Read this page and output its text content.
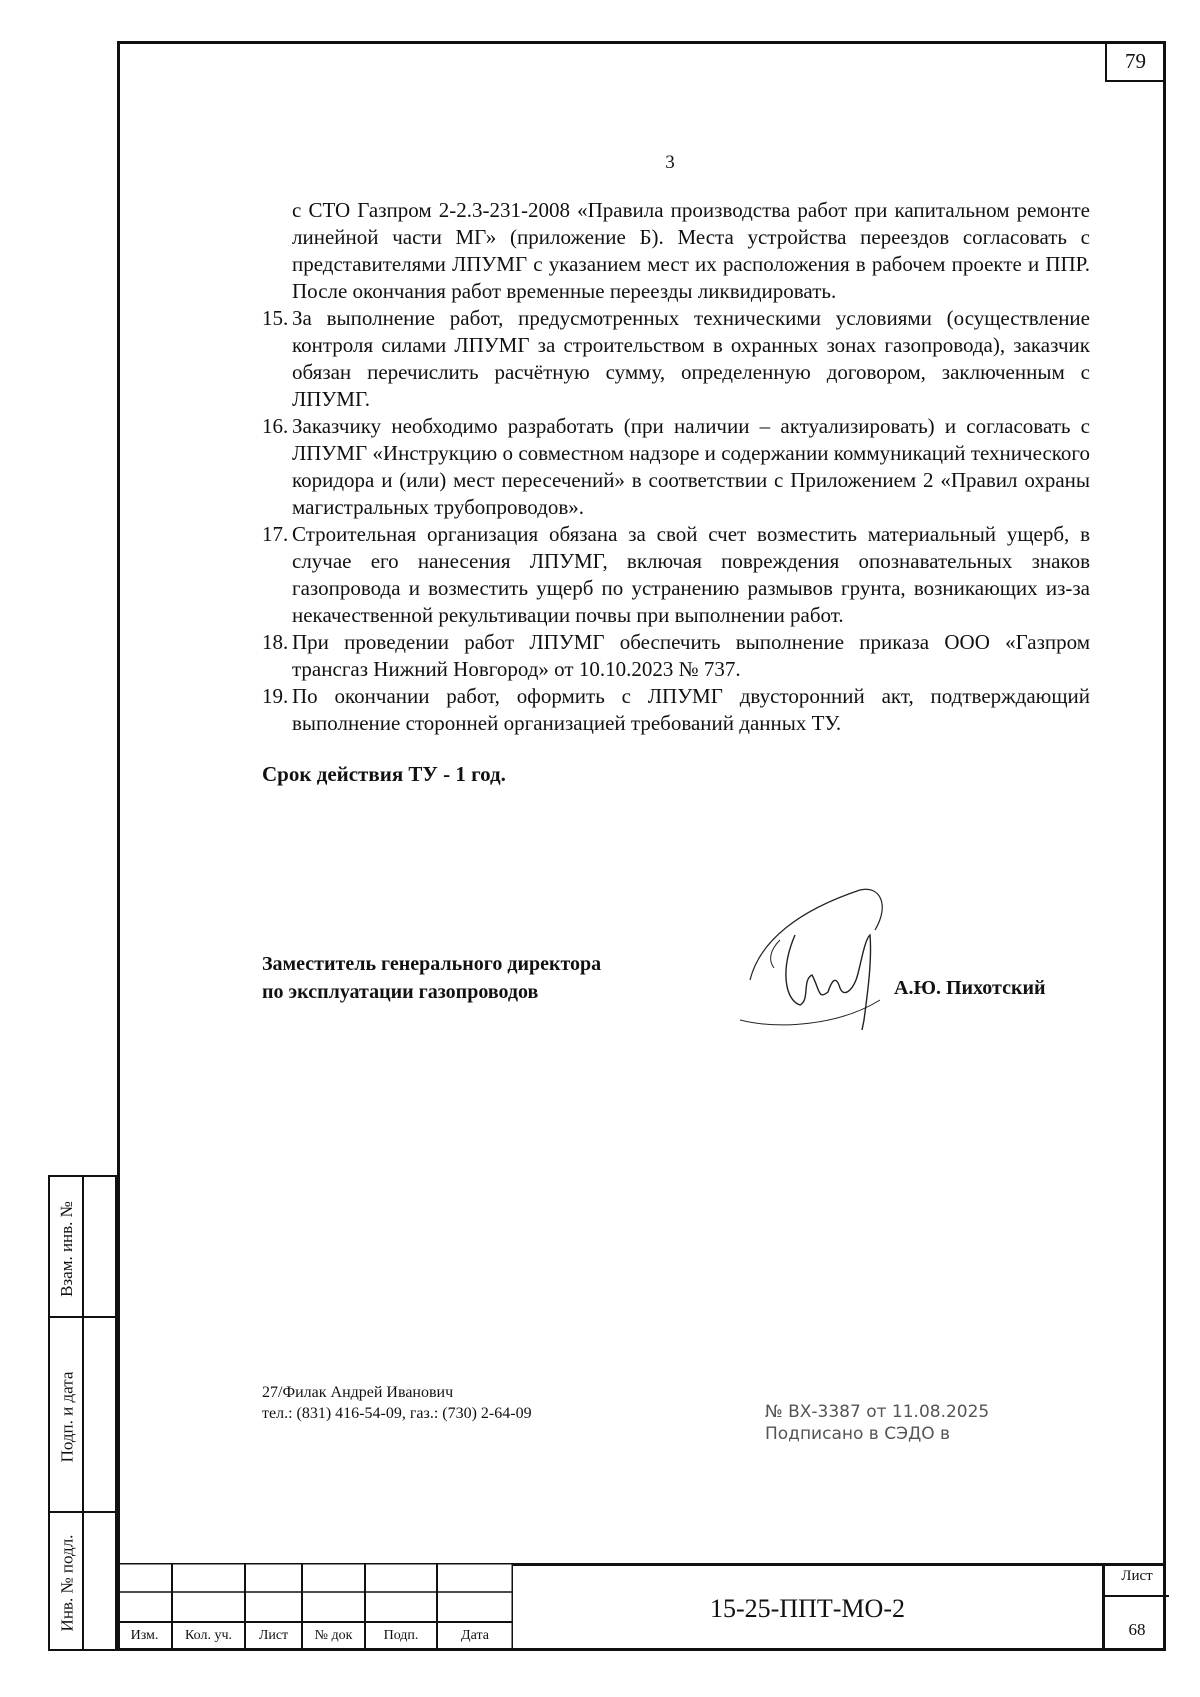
79
Взам. инв. №
Подп. и дата
Инв. № подл.
3

с СТО Газпром 2-2.3-231-2008 «Правила производства работ при капитальном ремонте линейной части МГ» (приложение Б). Места устройства переездов согласовать с представителями ЛПУМГ с указанием мест их расположения в рабочем проекте и ППР. После окончания работ временные переезды ликвидировать.

15. За выполнение работ, предусмотренных техническими условиями (осуществление контроля силами ЛПУМГ за строительством в охранных зонах газопровода), заказчик обязан перечислить расчётную сумму, определенную договором, заключенным с ЛПУМГ.
16. Заказчику необходимо разработать (при наличии – актуализировать) и согласовать с ЛПУМГ «Инструкцию о совместном надзоре и содержании коммуникаций технического коридора и (или) мест пересечений» в соответствии с Приложением 2 «Правил охраны магистральных трубопроводов».
17. Строительная организация обязана за свой счет возместить материальный ущерб, в случае его нанесения ЛПУМГ, включая повреждения опознавательных знаков газопровода и возместить ущерб по устранению размывов грунта, возникающих из-за некачественной рекультивации почвы при выполнении работ.
18. При проведении работ ЛПУМГ обеспечить выполнение приказа ООО «Газпром трансгаз Нижний Новгород» от 10.10.2023 № 737.
19. По окончании работ, оформить с ЛПУМГ двусторонний акт, подтверждающий выполнение сторонней организацией требований данных ТУ.

Срок действия ТУ - 1 год.

Заместитель генерального директора
по эксплуатации газопроводов	А.Ю. Пихотский
27/Филак Андрей Иванович
тел.: (831) 416-54-09, газ.: (730) 2-64-09	№ ВХ-3387 от 11.08.2025
Подписано в СЭДО в
Изм.	Кол. уч.	Лист	№ док	Подп.	Дата
15-25-ППТ-МО-2
Лист
68
